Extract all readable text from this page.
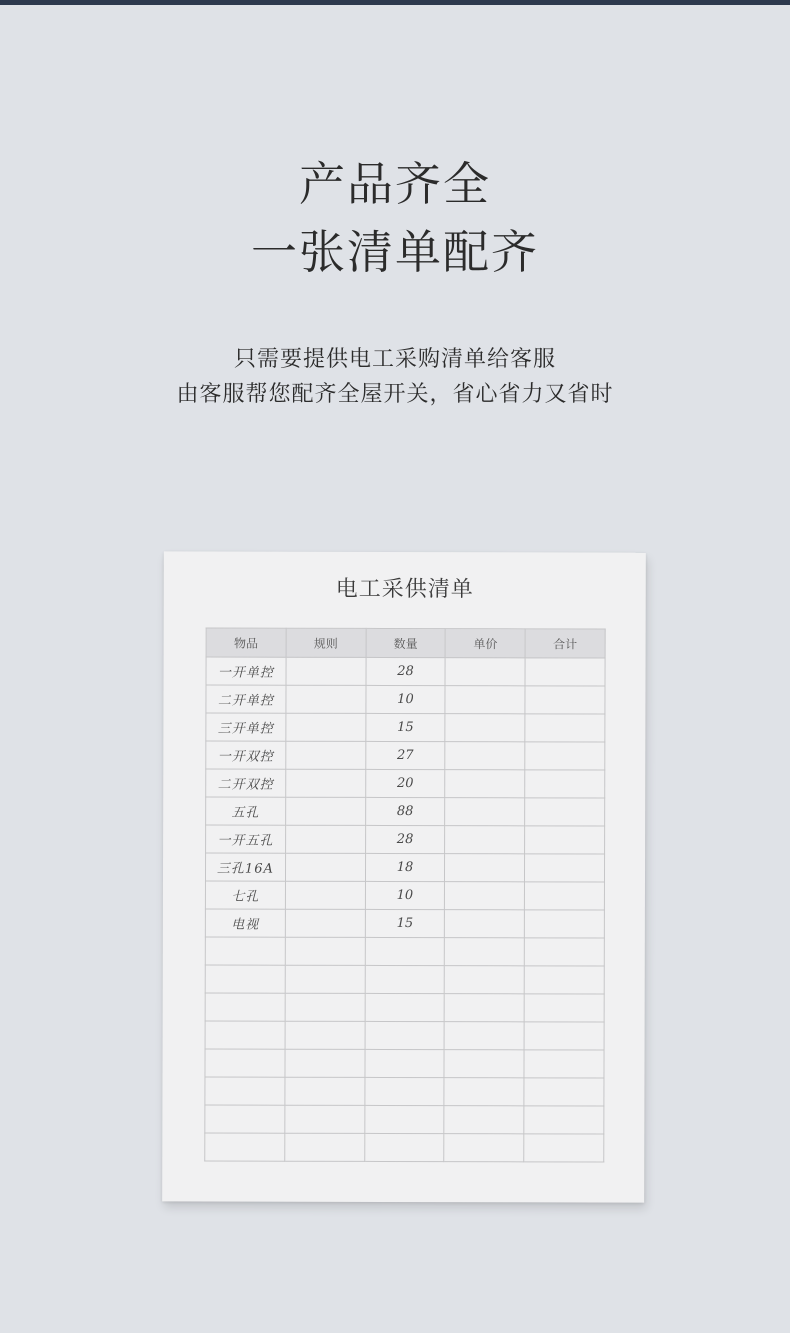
产品齐全
一张清单配齐
只需要提供电工采购清单给客服
由客服帮您配齐全屋开关，省心省力又省时
电工采供清单
物品	规则	数量	单价	合计
一开单控		28		
二开单控		10		
三开单控		15		
一开双控		27		
二开双控		20		
五孔		88		
一开五孔		28		
三孔16A		18		
七孔		10		
电视		15		
